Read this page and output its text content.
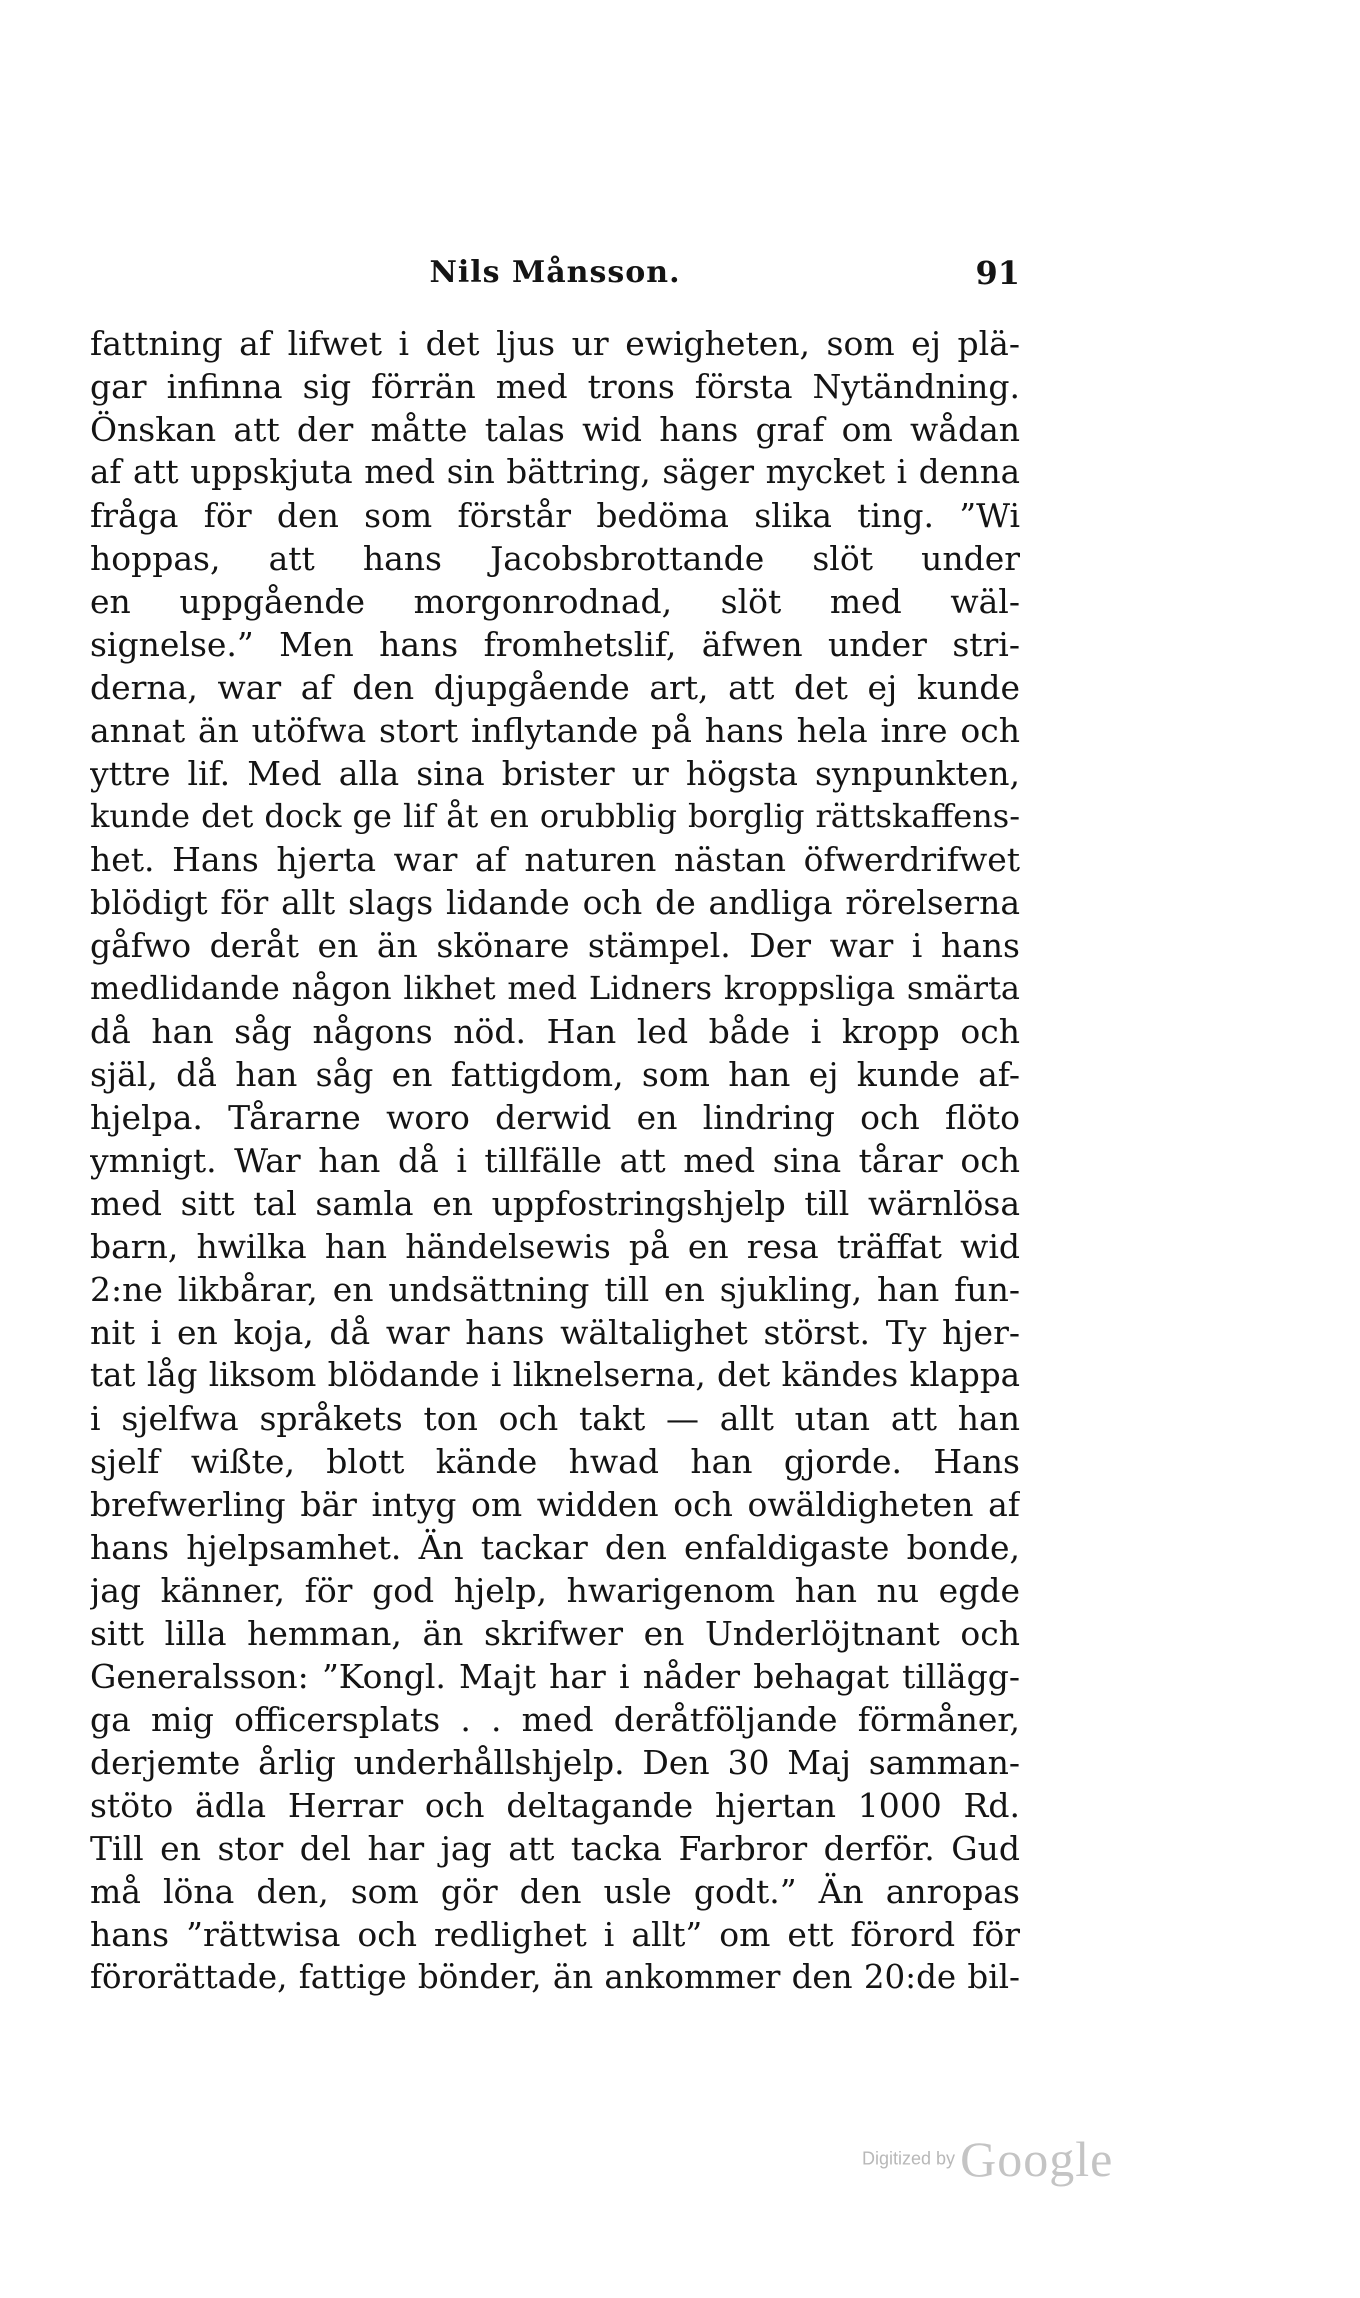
Nils Månsson.	91
fattning af lifwet i det ljus ur ewigheten, som ej plä-
gar infinna sig förrän med trons första Nytändning.
Önskan att der måtte talas wid hans graf om wådan
af att uppskjuta med sin bättring, säger mycket i denna
fråga för den som förstår bedöma slika ting. ”Wi
hoppas, att hans Jacobsbrottande slöt under
en uppgående morgonrodnad, slöt med wäl-
signelse.” Men hans fromhetslif, äfwen under stri-
derna, war af den djupgående art, att det ej kunde
annat än utöfwa stort inflytande på hans hela inre och
yttre lif. Med alla sina brister ur högsta synpunkten,
kunde det dock ge lif åt en orubblig borglig rättskaffens-
het. Hans hjerta war af naturen nästan öfwerdrifwet
blödigt för allt slags lidande och de andliga rörelserna
gåfwo deråt en än skönare stämpel. Der war i hans
medlidande någon likhet med Lidners kroppsliga smärta
då han såg någons nöd. Han led både i kropp och
själ, då han såg en fattigdom, som han ej kunde af-
hjelpa. Tårarne woro derwid en lindring och flöto
ymnigt. War han då i tillfälle att med sina tårar och
med sitt tal samla en uppfostringshjelp till wärnlösa
barn, hwilka han händelsewis på en resa träffat wid
2:ne likbårar, en undsättning till en sjukling, han fun-
nit i en koja, då war hans wältalighet störst. Ty hjer-
tat låg liksom blödande i liknelserna, det kändes klappa
i sjelfwa språkets ton och takt — allt utan att han
sjelf wißte, blott kände hwad han gjorde. Hans
brefwerling bär intyg om widden och owäldigheten af
hans hjelpsamhet. Än tackar den enfaldigaste bonde,
jag känner, för god hjelp, hwarigenom han nu egde
sitt lilla hemman, än skrifwer en Underlöjtnant och
Generalsson: ”Kongl. Majt har i nåder behagat tillägg-
ga mig officersplats . . med deråtföljande förmåner,
derjemte årlig underhållshjelp. Den 30 Maj samman-
stöto ädla Herrar och deltagande hjertan 1000 Rd.
Till en stor del har jag att tacka Farbror derför. Gud
må löna den, som gör den usle godt.” Än anropas
hans ”rättwisa och redlighet i allt” om ett förord för
förorättade, fattige bönder, än ankommer den 20:de bil-
Digitized by Google
